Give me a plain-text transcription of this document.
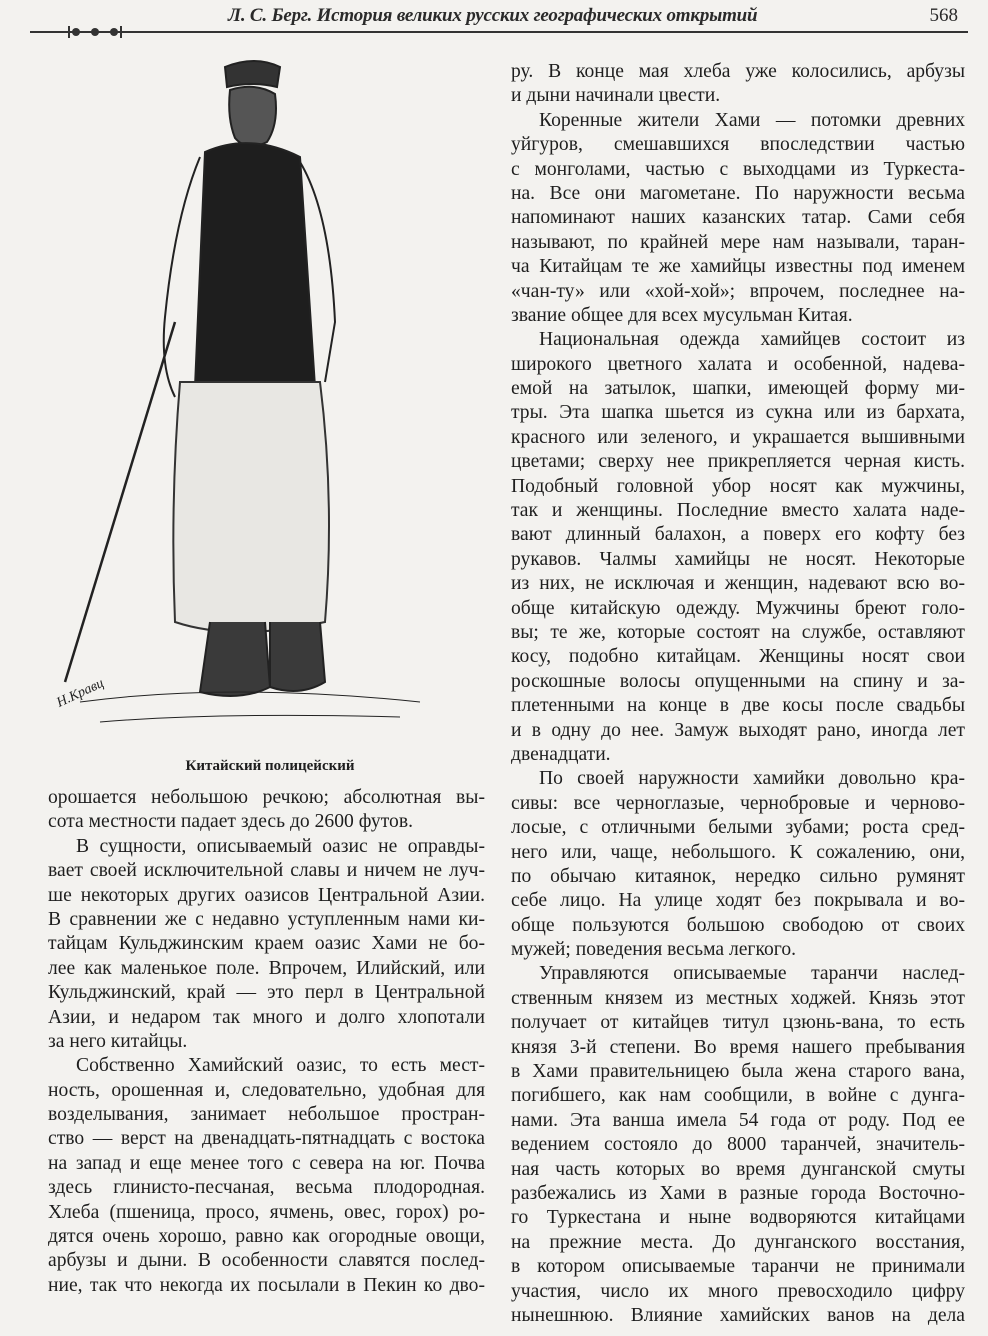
Л. С. Берг. История великих русских географических открытий	568
Н.Кравц
Китайский полицейский
орошается небольшою речкою; абсолютная вы-
сота местности падает здесь до 2600 футов.
В сущности, описываемый оазис не оправды-
вает своей исключительной славы и ничем не луч-
ше некоторых других оазисов Центральной Азии.
В сравнении же с недавно уступленным нами ки-
тайцам Кульджинским краем оазис Хами не бо-
лее как маленькое поле. Впрочем, Илийский, или
Кульджинский, край — это перл в Центральной
Азии, и недаром так много и долго хлопотали
за него китайцы.
Собственно Хамийский оазис, то есть мест-
ность, орошенная и, следовательно, удобная для
возделывания, занимает небольшое простран-
ство — верст на двенадцать-пятнадцать с востока
на запад и еще менее того с севера на юг. Почва
здесь глинисто-песчаная, весьма плодородная.
Хлеба (пшеница, просо, ячмень, овес, горох) ро-
дятся очень хорошо, равно как огородные овощи,
арбузы и дыни. В особенности славятся послед-
ние, так что некогда их посылали в Пекин ко дво-
ру. В конце мая хлеба уже колосились, арбузы
и дыни начинали цвести.
Коренные жители Хами — потомки древних
уйгуров, смешавшихся впоследствии частью
с монголами, частью с выходцами из Туркеста-
на. Все они магометане. По наружности весьма
напоминают наших казанских татар. Сами себя
называют, по крайней мере нам называли, таран-
ча Китайцам те же хамийцы известны под именем
«чан-ту» или «хой-хой»; впрочем, последнее на-
звание общее для всех мусульман Китая.
Национальная одежда хамийцев состоит из
широкого цветного халата и особенной, надева-
емой на затылок, шапки, имеющей форму ми-
тры. Эта шапка шьется из сукна или из бархата,
красного или зеленого, и украшается вышивными
цветами; сверху нее прикрепляется черная кисть.
Подобный головной убор носят как мужчины,
так и женщины. Последние вместо халата наде-
вают длинный балахон, а поверх его кофту без
рукавов. Чалмы хамийцы не носят. Некоторые
из них, не исключая и женщин, надевают всю во-
обще китайскую одежду. Мужчины бреют голо-
вы; те же, которые состоят на службе, оставляют
косу, подобно китайцам. Женщины носят свои
роскошные волосы опущенными на спину и за-
плетенными на конце в две косы после свадьбы
и в одну до нее. Замуж выходят рано, иногда лет
двенадцати.
По своей наружности хамийки довольно кра-
сивы: все черноглазые, чернобровые и черново-
лосые, с отличными белыми зубами; роста сред-
него или, чаще, небольшого. К сожалению, они,
по обычаю китаянок, нередко сильно румянят
себе лицо. На улице ходят без покрывала и во-
обще пользуются большою свободою от своих
мужей; поведения весьма легкого.
Управляются описываемые таранчи наслед-
ственным князем из местных ходжей. Князь этот
получает от китайцев титул цзюнь-вана, то есть
князя 3-й степени. Во время нашего пребывания
в Хами правительницею была жена старого вана,
погибшего, как нам сообщили, в войне с дунга-
нами. Эта ванша имела 54 года от роду. Под ее
ведением состояло до 8000 таранчей, значитель-
ная часть которых во время дунганской смуты
разбежались из Хами в разные города Восточно-
го Туркестана и ныне водворяются китайцами
на прежние места. До дунганского восстания,
в котором описываемые таранчи не принимали
участия, число их много превосходило цифру
нынешнюю. Влияние хамийских ванов на дела
